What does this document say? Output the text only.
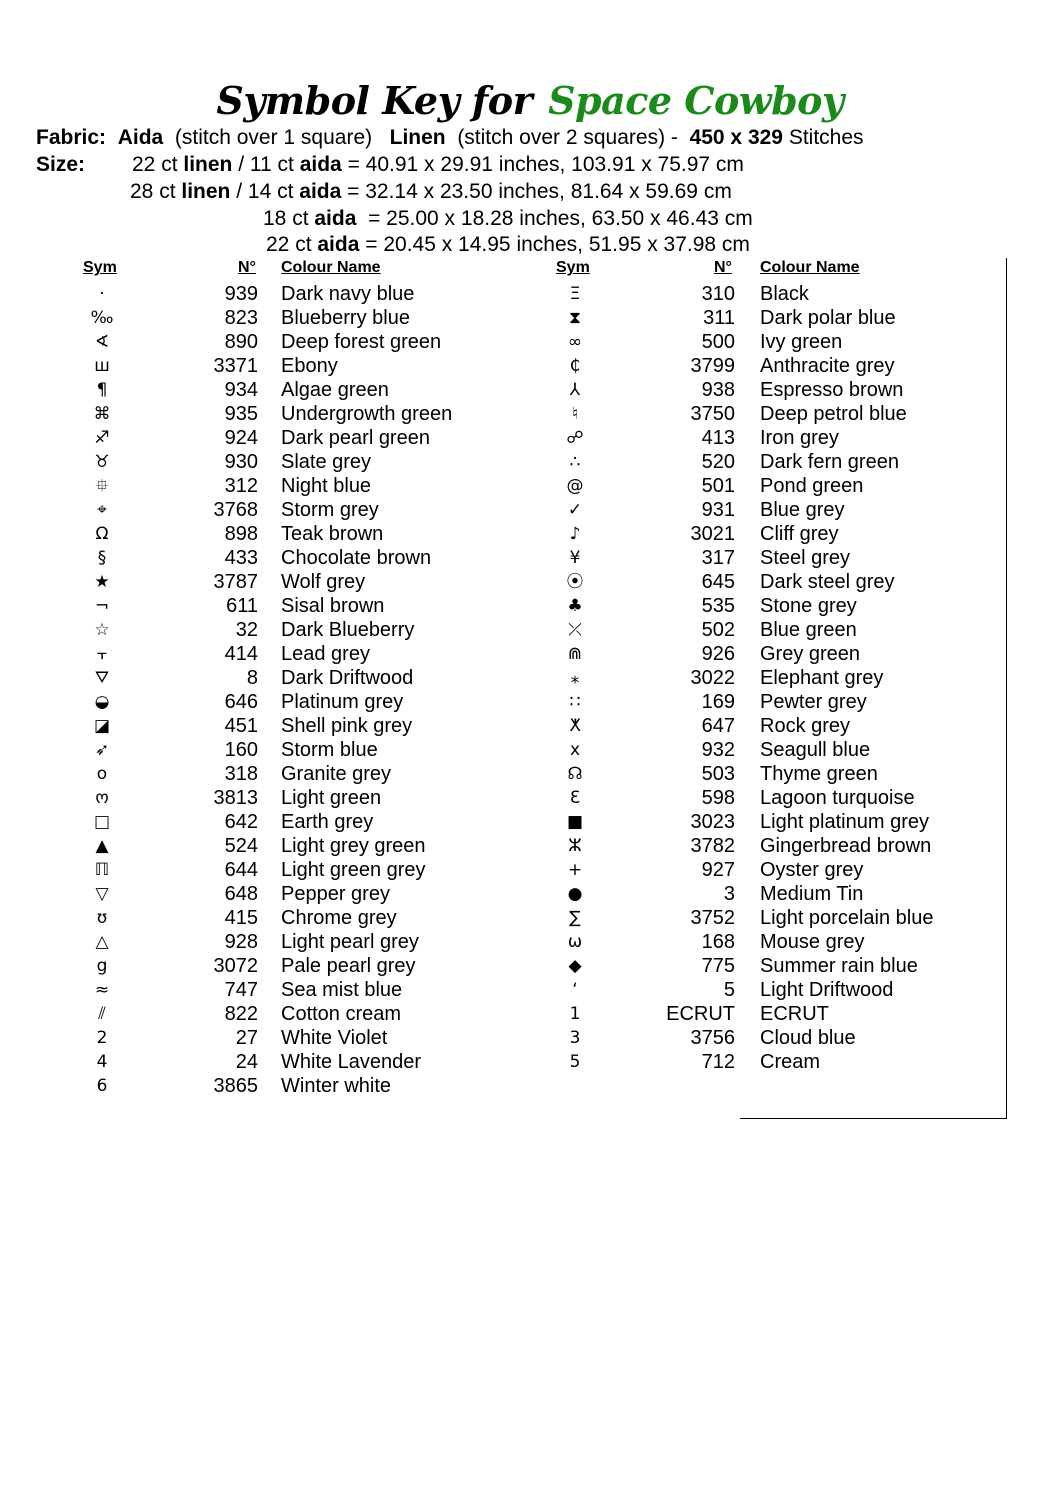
Symbol Key for Space Cowboy
Fabric: Aida (stitch over 1 square) Linen (stitch over 2 squares) - 450 x 329 Stitches
Size: 22 ct linen / 11 ct aida = 40.91 x 29.91 inches, 103.91 x 75.97 cm
28 ct linen / 14 ct aida = 32.14 x 23.50 inches, 81.64 x 59.69 cm
18 ct aida  = 25.00 x 18.28 inches, 63.50 x 46.43 cm
22 ct aida = 20.45 x 14.95 inches, 51.95 x 37.98 cm
Sym	N° Colour Name	Sym	N° Colour Name
·	939 Dark navy blue
‰	823 Blueberry blue
∢	890 Deep forest green
ш	3371 Ebony
¶	934 Algae green
⌘	935 Undergrowth green
♐	924 Dark pearl green
♉	930 Slate grey
⯐	312 Night blue
⌖	3768 Storm grey
Ω	898 Teak brown
§	433 Chocolate brown
★	3787 Wolf grey
¬	611 Sisal brown
☆	32 Dark Blueberry
⫟	414 Lead grey
⛛	8 Dark Driftwood
◒	646 Platinum grey
◪	451 Shell pink grey
➶	160 Storm blue
o	318 Granite grey
ო	3813 Light green
□	642 Earth grey
▲	524 Light grey green
ℿ	644 Light green grey
▽	648 Pepper grey
ʊ	415 Chrome grey
△	928 Light pearl grey
g	3072 Pale pearl grey
≈	747 Sea mist blue
⫽	822 Cotton cream
2	27 White Violet
4	24 White Lavender
6	3865 Winter white
Ξ	310 Black
⧗	311 Dark polar blue
∞	500 Ivy green
₵	3799 Anthracite grey
⅄	938 Espresso brown
♮	3750 Deep petrol blue
☍	413 Iron grey
∴	520 Dark fern green
@	501 Pond green
✓	931 Blue grey
♪	3021 Cliff grey
¥	317 Steel grey
⦿	645 Dark steel grey
♣	535 Stone grey
⤫	502 Blue green
⋒	926 Grey green
⁎	3022 Elephant grey
∷	169 Pewter grey
ⵅ	647 Rock grey
x	932 Seagull blue
☊	503 Thyme green
Ɛ	598 Lagoon turquoise
■	3023 Light platinum grey
ⵣ	3782 Gingerbread brown
+	927 Oyster grey
●	3 Medium Tin
∑	3752 Light porcelain blue
ω	168 Mouse grey
◆	775 Summer rain blue
‘	5 Light Driftwood
1	ECRUT ECRUT
3	3756 Cloud blue
5	712 Cream
